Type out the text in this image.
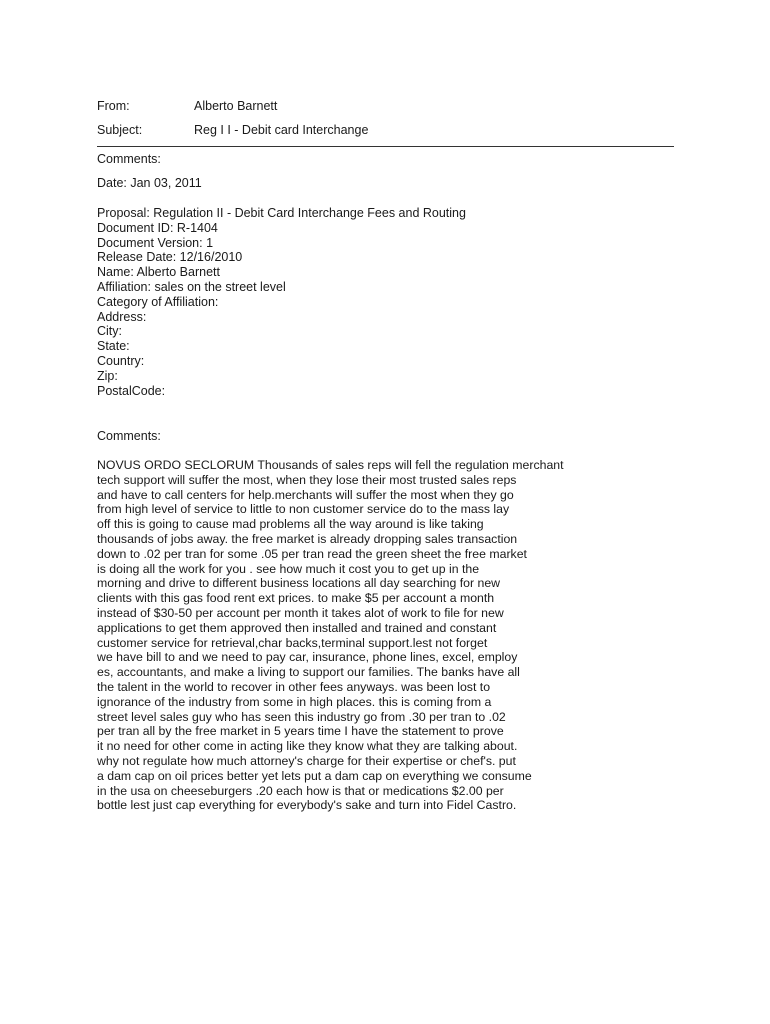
From:	Alberto Barnett
Subject:	Reg I I - Debit card Interchange
Comments:
Date: Jan 03, 2011
Proposal: Regulation II - Debit Card Interchange Fees and Routing
Document ID: R-1404
Document Version: 1
Release Date: 12/16/2010
Name: Alberto Barnett
Affiliation: sales on the street level
Category of Affiliation:
Address:
City:
State:
Country:
Zip:
PostalCode:
Comments:
NOVUS ORDO SECLORUM Thousands of sales reps will fell the regulation merchant
tech support will suffer the most, when they lose their most trusted sales reps
and have to call centers for help.merchants will suffer the most when they go
from high level of service to little to non customer service do to the mass lay
off this is going to cause mad problems all the way around is like taking
thousands of jobs away. the free market is already dropping sales transaction
down to .02 per tran for some .05 per tran read the green sheet the free market
is doing all the work for you . see how much it cost you to get up in the
morning and drive to different business locations all day searching for new
clients with this gas food rent ext prices. to make $5 per account a month
instead of $30-50 per account per month it takes alot of work to file for new
applications to get them approved then installed and trained and constant
customer service for retrieval,char backs,terminal support.lest not forget
we have bill to and we need to pay car, insurance, phone lines, excel, employ
es, accountants, and make a living to support our families. The banks have all
the talent in the world to recover in other fees anyways. was been lost to
ignorance of the industry from some in high places. this is coming from a
street level sales guy who has seen this industry go from .30 per tran to .02
per tran all by the free market in 5 years time I have the statement to prove
it no need for other come in acting like they know what they are talking about.
why not regulate how much attorney's charge for their expertise or chef's. put
a dam cap on oil prices better yet lets put a dam cap on everything we consume
in the usa on cheeseburgers .20 each how is that or medications $2.00 per
bottle lest just cap everything for everybody's sake and turn into Fidel Castro.
